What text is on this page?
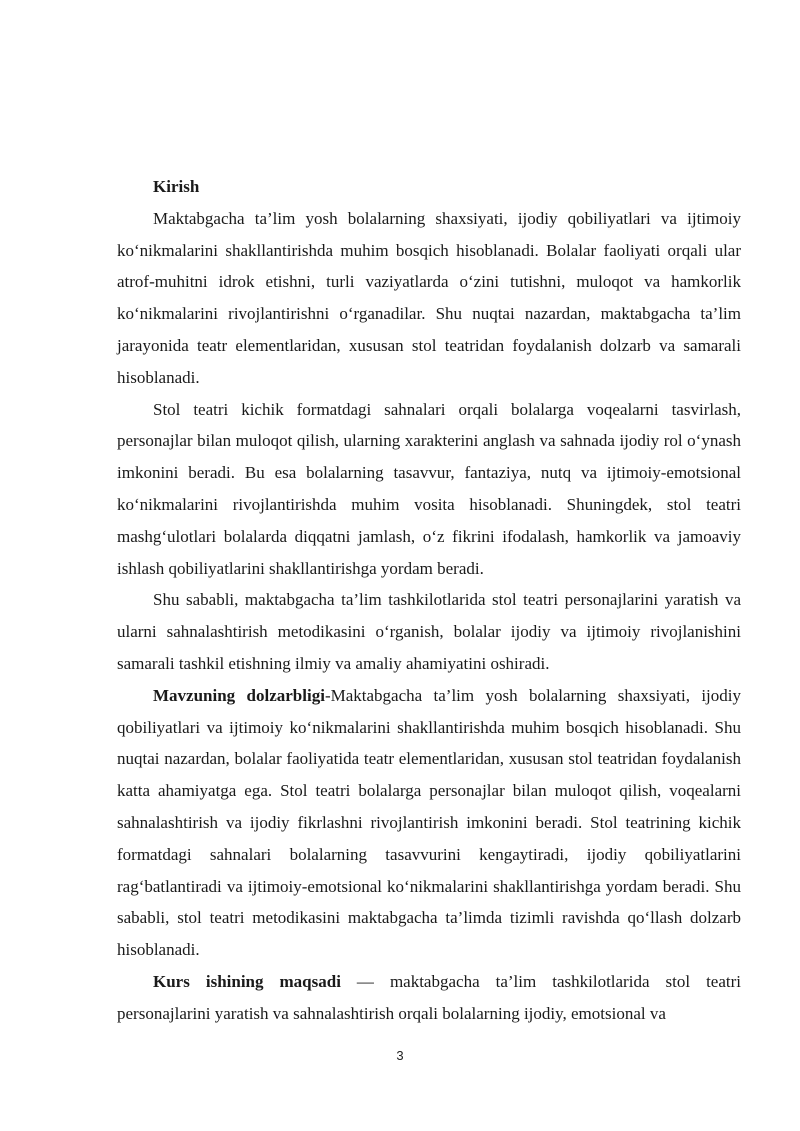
Kirish

Maktabgacha ta’lim yosh bolalarning shaxsiyati, ijodiy qobiliyatlari va ijtimoiy ko‘nikmalarini shakllantirishda muhim bosqich hisoblanadi. Bolalar faoliyati orqali ular atrof-muhitni idrok etishni, turli vaziyatlarda o‘zini tutishni, muloqot va hamkorlik ko‘nikmalarini rivojlantirishni o‘rganadilar. Shu nuqtai nazardan, maktabgacha ta’lim jarayonida teatr elementlaridan, xususan stol teatridan foydalanish dolzarb va samarali hisoblanadi.

Stol teatri kichik formatdagi sahnalari orqali bolalarga voqealarni tasvirlash, personajlar bilan muloqot qilish, ularning xarakterini anglash va sahnada ijodiy rol o‘ynash imkonini beradi. Bu esa bolalarning tasavvur, fantaziya, nutq va ijtimoiy-emotsional ko‘nikmalarini rivojlantirishda muhim vosita hisoblanadi. Shuningdek, stol teatri mashg‘ulotlari bolalarda diqqatni jamlash, o‘z fikrini ifodalash, hamkorlik va jamoaviy ishlash qobiliyatlarini shakllantirishga yordam beradi.

Shu sababli, maktabgacha ta’lim tashkilotlarida stol teatri personajlarini yaratish va ularni sahnalashtirish metodikasini o‘rganish, bolalar ijodiy va ijtimoiy rivojlanishini samarali tashkil etishning ilmiy va amaliy ahamiyatini oshiradi.

Mavzuning dolzarbligi-Maktabgacha ta’lim yosh bolalarning shaxsiyati, ijodiy qobiliyatlari va ijtimoiy ko‘nikmalarini shakllantirishda muhim bosqich hisoblanadi. Shu nuqtai nazardan, bolalar faoliyatida teatr elementlaridan, xususan stol teatridan foydalanish katta ahamiyatga ega. Stol teatri bolalarga personajlar bilan muloqot qilish, voqealarni sahnalashtirish va ijodiy fikrlashni rivojlantirish imkonini beradi. Stol teatrining kichik formatdagi sahnalari bolalarning tasavvurini kengaytiradi, ijodiy qobiliyatlarini rag‘batlantiradi va ijtimoiy-emotsional ko‘nikmalarini shakllantirishga yordam beradi. Shu sababli, stol teatri metodikasini maktabgacha ta’limda tizimli ravishda qo‘llash dolzarb hisoblanadi.

Kurs ishining maqsadi — maktabgacha ta’lim tashkilotlarida stol teatri personajlarini yaratish va sahnalashtirish orqali bolalarning ijodiy, emotsional va

3
